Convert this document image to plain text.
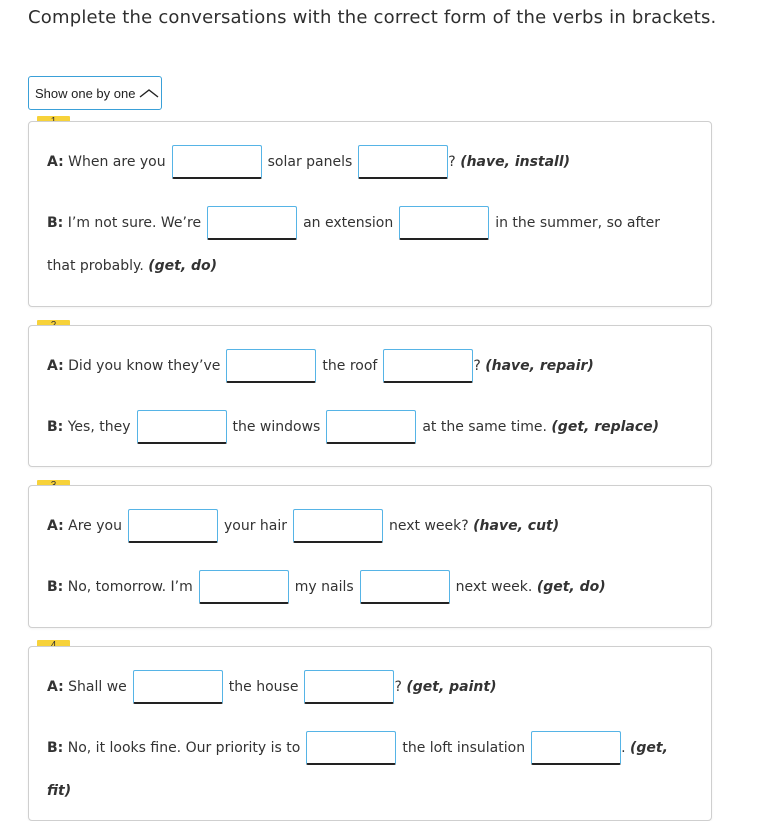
Complete the conversations with the correct form of the verbs in brackets.

Show one by one
A:
When are you	solar panels	?
(have, install)
B:
I’m not sure. We’re	an extension	in the summer, so after
that probably. (get, do)
A:
Did you know they’ve	the roof	?
(have, repair)
B:
Yes, they	the windows	at the same time.
(get, replace)
A:
Are you	your hair	next week?
(have, cut)
B:
No, tomorrow. I’m	my nails	next week.
(get, do)
A:
Shall we	the house	?
(get, paint)
B:
No, it looks fine. Our priority is to	the loft insulation	.
(get,
fit)
